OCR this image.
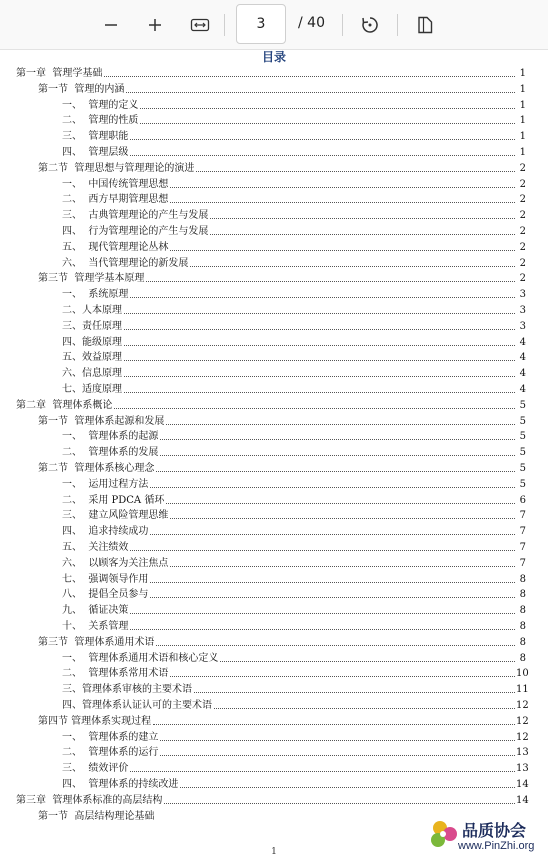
3	/ 40
目录
第一章  管理学基础	1
第一节  管理的内涵	1
一、  管理的定义	1
二、  管理的性质	1
三、  管理职能	1
四、  管理层级	1
第二节  管理思想与管理理论的演进	2
一、  中国传统管理思想	2
二、  西方早期管理思想	2
三、  古典管理理论的产生与发展	2
四、  行为管理理论的产生与发展	2
五、  现代管理理论丛林	2
六、  当代管理理论的新发展	2
第三节  管理学基本原理	2
一、  系统原理	3
二、人本原理	3
三、责任原理	3
四、能级原理	4
五、效益原理	4
六、信息原理	4
七、适度原理	4
第二章  管理体系概论	5
第一节  管理体系起源和发展	5
一、  管理体系的起源	5
二、  管理体系的发展	5
第二节  管理体系核心理念	5
一、  运用过程方法	5
二、  采用 PDCA 循环	6
三、  建立风险管理思维	7
四、  追求持续成功	7
五、  关注绩效	7
六、  以顾客为关注焦点	7
七、  强调领导作用	8
八、  提倡全员参与	8
九、  循证决策	8
十、  关系管理	8
第三节  管理体系通用术语	8
一、  管理体系通用术语和核心定义	8
二、  管理体系常用术语	10
三、管理体系审核的主要术语	11
四、管理体系认证认可的主要术语	12
第四节 管理体系实现过程	12
一、  管理体系的建立	12
二、  管理体系的运行	13
三、  绩效评价	13
四、  管理体系的持续改进	14
第三章  管理体系标准的高层结构	14
第一节  高层结构理论基础
1
品质协会
www.PinZhi.org
